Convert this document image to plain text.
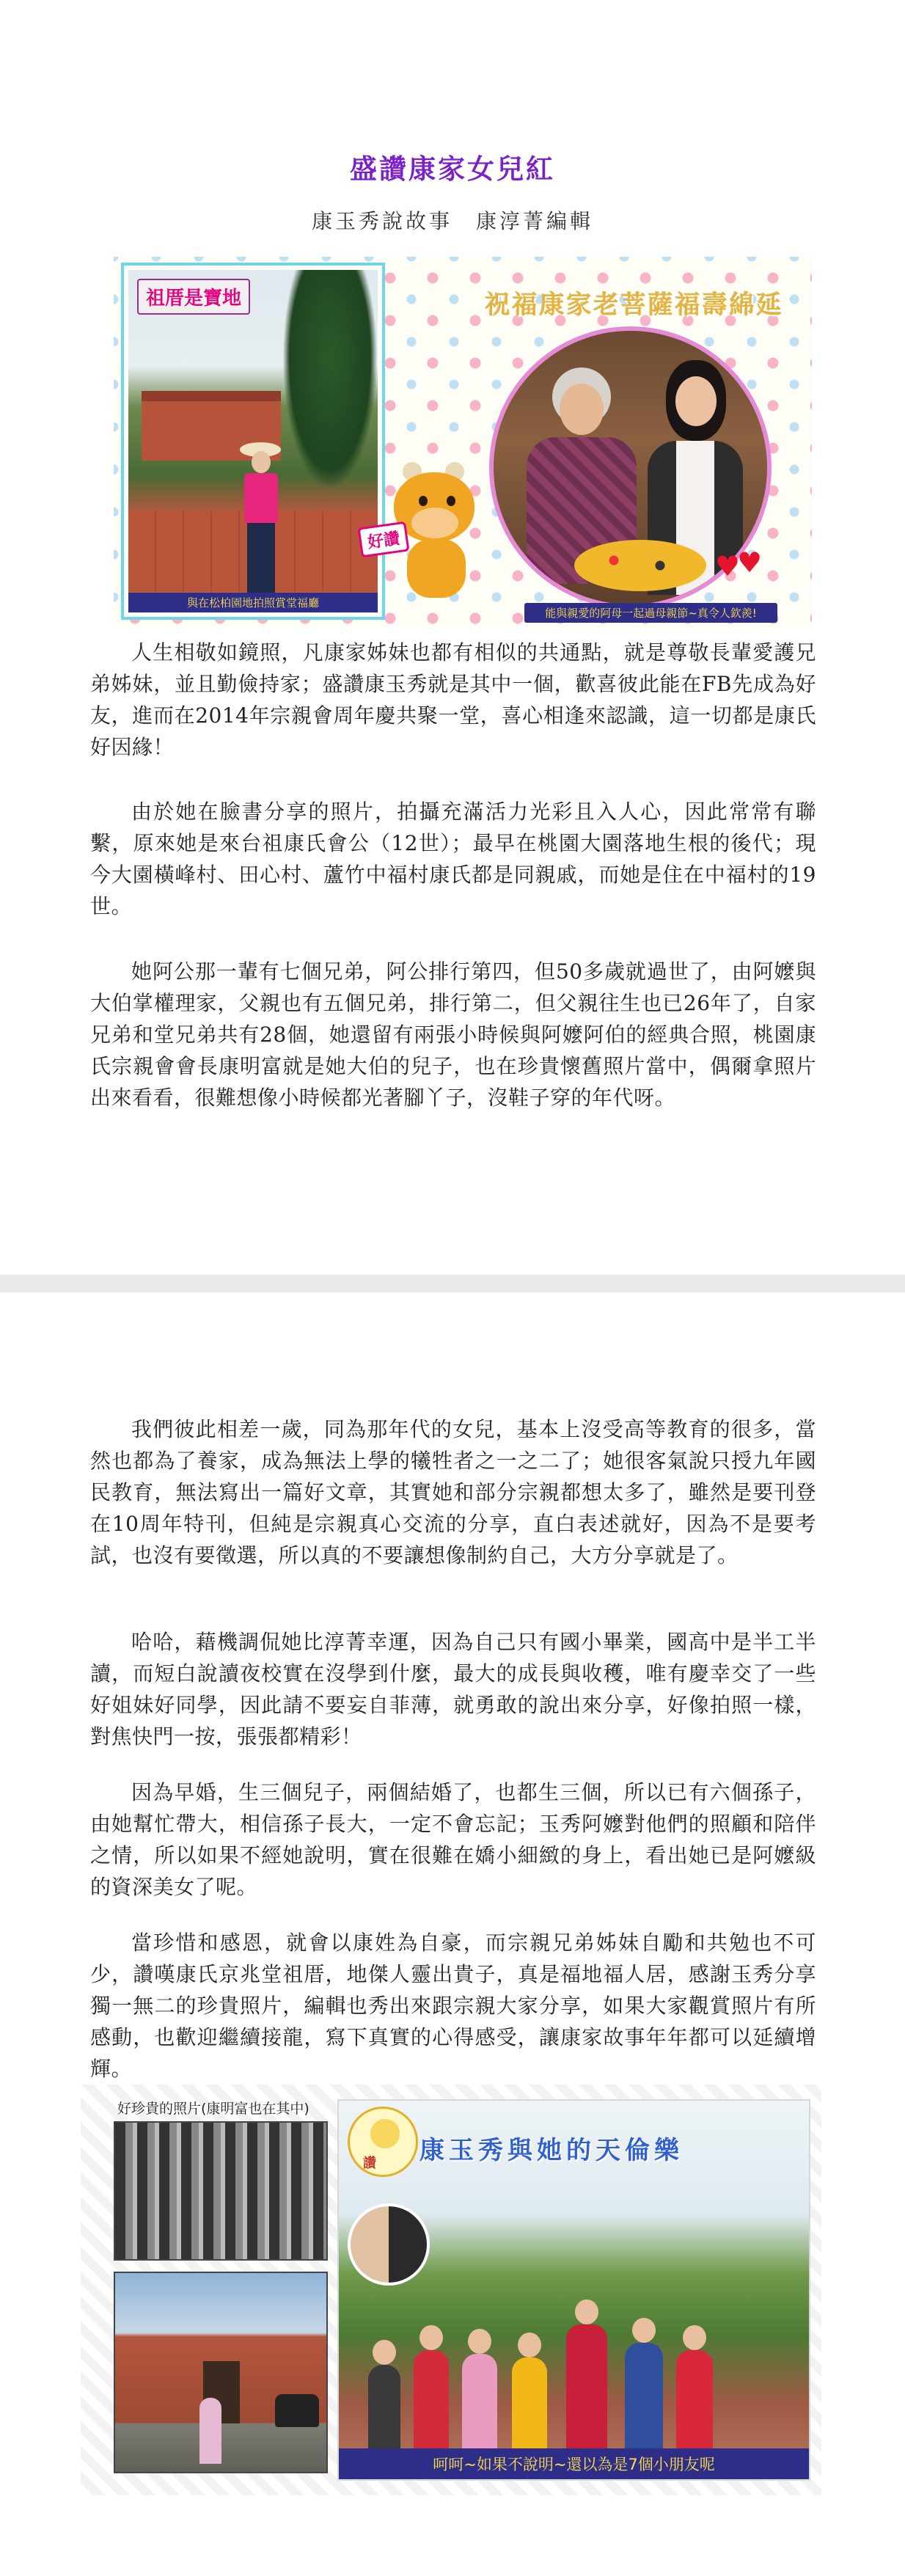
盛讚康家女兒紅
康玉秀說故事　康淳菁編輯
祖厝是寶地
與在松柏園地拍照賞堂福廳
祝福康家老菩薩福壽綿延
♥
♥
能與親愛的阿母一起過母親節~真令人欽羨!
好讚

人生相敬如鏡照，凡康家姊妹也都有相似的共通點，就是尊敬長輩愛護兄弟姊妹，並且勤儉持家；盛讚康玉秀就是其中一個，歡喜彼此能在FB先成為好友，進而在2014年宗親會周年慶共聚一堂，喜心相逢來認識，這一切都是康氏好因緣！

由於她在臉書分享的照片，拍攝充滿活力光彩且入人心，因此常常有聯繫，原來她是來台祖康氏會公（12世）；最早在桃園大園落地生根的後代；現今大園橫峰村、田心村、蘆竹中福村康氏都是同親戚，而她是住在中福村的19世。

她阿公那一輩有七個兄弟，阿公排行第四，但50多歲就過世了，由阿嬤與大伯掌權理家，父親也有五個兄弟，排行第二，但父親往生也已26年了，自家兄弟和堂兄弟共有28個，她還留有兩張小時候與阿嬤阿伯的經典合照，桃園康氏宗親會會長康明富就是她大伯的兒子，也在珍貴懷舊照片當中，偶爾拿照片出來看看，很難想像小時候都光著腳丫子，沒鞋子穿的年代呀。

我們彼此相差一歲，同為那年代的女兒，基本上沒受高等教育的很多，當然也都為了養家，成為無法上學的犧牲者之一之二了；她很客氣說只授九年國民教育，無法寫出一篇好文章，其實她和部分宗親都想太多了，雖然是要刊登在10周年特刊，但純是宗親真心交流的分享，直白表述就好，因為不是要考試，也沒有要徵選，所以真的不要讓想像制約自己，大方分享就是了。

哈哈，藉機調侃她比淳菁幸運，因為自己只有國小畢業，國高中是半工半讀，而短白說讀夜校實在沒學到什麼，最大的成長與收穫，唯有慶幸交了一些好姐妹好同學，因此請不要妄自菲薄，就勇敢的說出來分享，好像拍照一樣，對焦快門一按，張張都精彩！

因為早婚，生三個兒子，兩個結婚了，也都生三個，所以已有六個孫子，由她幫忙帶大，相信孫子長大，一定不會忘記；玉秀阿嬤對他們的照顧和陪伴之情，所以如果不經她說明，實在很難在嬌小細緻的身上，看出她已是阿嬤級的資深美女了呢。

當珍惜和感恩，就會以康姓為自豪，而宗親兄弟姊妹自勵和共勉也不可少，讚嘆康氏京兆堂祖厝，地傑人靈出貴子，真是福地福人居，感謝玉秀分享獨一無二的珍貴照片，編輯也秀出來跟宗親大家分享，如果大家觀賞照片有所感動，也歡迎繼續接龍，寫下真實的心得感受，讓康家故事年年都可以延續增輝。

好珍貴的照片(康明富也在其中)
讚 康玉秀與她的天倫樂
呵呵~如果不說明~還以為是7個小朋友呢
